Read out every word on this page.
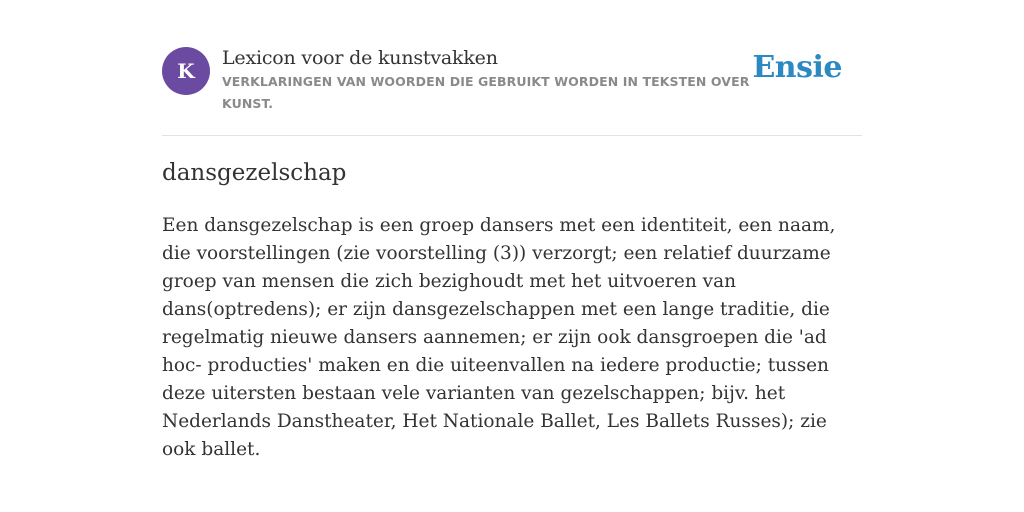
K
Lexicon voor de kunstvakken
VERKLARINGEN VAN WOORDEN DIE GEBRUIKT WORDEN IN TEKSTEN OVER KUNST.
Ensie
dansgezelschap

Een dansgezelschap is een groep dansers met een identiteit, een naam, die voorstellingen (zie voorstelling (3)) verzorgt; een relatief duurzame groep van mensen die zich bezighoudt met het uitvoeren van dans(optredens); er zijn dansgezelschappen met een lange traditie, die regelmatig nieuwe dansers aannemen; er zijn ook dansgroepen die 'ad hoc- producties' maken en die uiteenvallen na iedere productie; tussen deze uitersten bestaan vele varianten van gezelschappen; bijv. het Nederlands Danstheater, Het Nationale Ballet, Les Ballets Russes); zie ook ballet.
